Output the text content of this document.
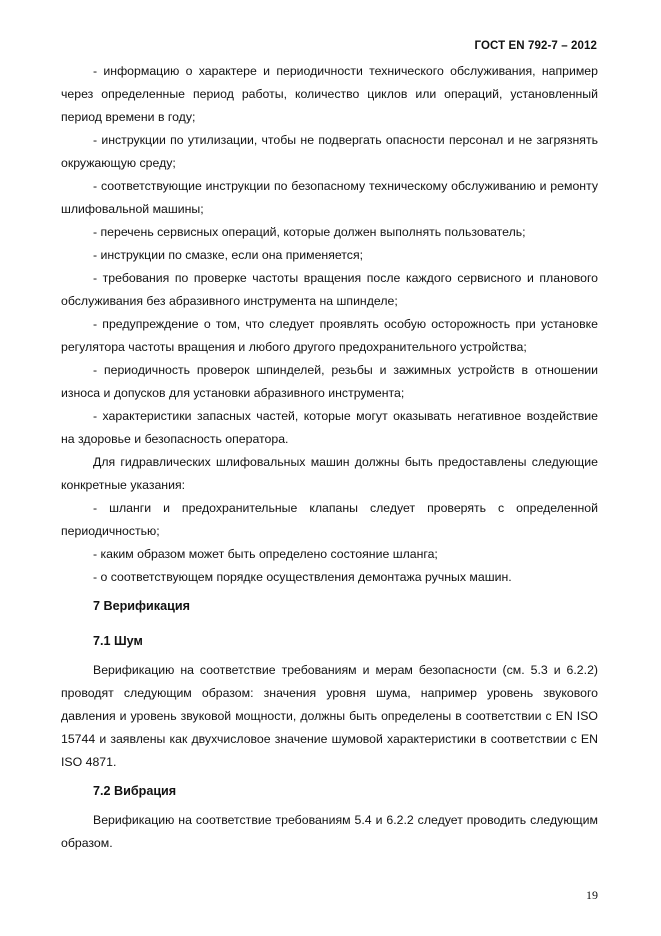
ГОСТ EN 792-7 – 2012

- информацию о характере и периодичности технического обслуживания, например через определенные период работы, количество циклов или операций, установленный период времени в году;

- инструкции по утилизации, чтобы не подвергать опасности персонал и не загрязнять окружающую среду;

- соответствующие инструкции по безопасному техническому обслуживанию и ремонту шлифовальной машины;

- перечень сервисных операций, которые должен выполнять пользователь;

- инструкции по смазке, если она применяется;

- требования по проверке частоты вращения после каждого сервисного и планового обслуживания без абразивного инструмента на шпинделе;

- предупреждение о том, что следует проявлять особую осторожность при установке регулятора частоты вращения и любого другого предохранительного устройства;

- периодичность проверок шпинделей, резьбы и зажимных устройств в отношении износа и допусков для установки абразивного инструмента;

- характеристики запасных частей, которые могут оказывать негативное воздействие на здоровье и безопасность оператора.

Для гидравлических шлифовальных машин должны быть предоставлены следующие конкретные указания:

- шланги и предохранительные клапаны следует проверять с определенной периодичностью;

- каким образом может быть определено состояние шланга;

- о соответствующем порядке осуществления демонтажа ручных машин.

7 Верификация

7.1 Шум

Верификацию на соответствие требованиям и мерам безопасности (см. 5.3 и 6.2.2) проводят следующим образом: значения уровня шума, например уровень звукового давления и уровень звуковой мощности, должны быть определены в соответствии с EN ISO 15744 и заявлены как двухчисловое значение шумовой характеристики в соответствии с EN ISO 4871.

7.2 Вибрация

Верификацию на соответствие требованиям 5.4 и 6.2.2 следует проводить следующим образом.

19
